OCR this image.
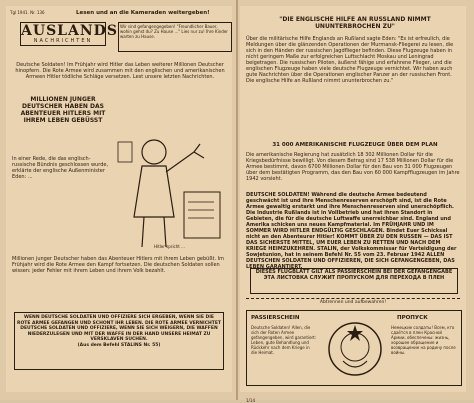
Tgl 1941. Nr. 136	Lesen und an die Kameraden weitergeben!

AUSLANDS
NACHRICHTEN
Wir sind gefangengegeben! "Freundlicher Bauer, wohin gehst du? Zu Hause ..." Lies nur zu! Ihre Kinder warten zu Hause.

Deutsche Soldaten! Im Frühjahr wird Hitler das Leben weiterer Millionen Deutscher hinopfern. Die Rote Armee wird zusammen mit den englischen und amerikanischen Armeen Hitler tödliche Schläge versetzen. Lest unsere letzten Nachrichten.

MILLIONEN JUNGER DEUTSCHER HABEN DAS ABENTEUER HITLERS MIT IHREM LEBEN GEBÜSST

In einer Rede, die das englisch-russische Bündnis geschlossen wurde, erklärte der englische Außenminister Eden: ...

Hitler spricht ...

Millionen junger Deutscher haben das Abenteuer Hitlers mit ihrem Leben gebüßt. Im Frühjahr wird die Rote Armee den Kampf fortsetzen. Die deutschen Soldaten sollen wissen: jeder Fehler mit ihrem Leben und ihrem Volk bezahlt.

WENN DEUTSCHE SOLDATEN UND OFFIZIERE SICH ERGEBEN, WENN SIE DIE ROTE ARMEE GEFANGEN UND SCHONT IHR LEBEN. DIE ROTE ARMEE VERNICHTET DEUTSCHE SOLDATEN UND OFFIZIERE, WENN SIE SICH WEIGERN, DIE WAFFEN NIEDERZULEGEN UND MIT DER WAFFE IN DER HAND UNSERE HEIMAT ZU VERSKLAVEN SUCHEN.
(Aus dem Befehl STALINS Nr. 55)

"DIE ENGLISCHE HILFE AN RUSSLAND NIMMT UNUNTERBROCHEN ZU"

Über die militärische Hilfe Englands an Rußland sagte Eden: "Es ist erfreulich, die Meldungen über die glänzenden Operationen der Murmansk-Fliegerei zu lesen, die sich in den Händen der russischen Jagdflieger befinden. Diese Flugzeuge haben in nicht geringem Maße zur erfolgreichen Luftschlacht Moskau und Leningrad beigetragen. Die russischen Piloten, äußerst fähige und erfahrene Flieger, und die englischen Flugzeuge haben viele deutsche Flugzeuge vernichtet. Wir haben auch gute Nachrichten über die Operationen englischer Panzer an der russischen Front. Die englische Hilfe an Rußland nimmt ununterbrochen zu."

31 000 AMERIKANISCHE FLUGZEUGE ÜBER DEM PLAN

Die amerikanische Regierung hat zusätzlich 18 302 Millionen Dollar für die Kriegsbedürfnisse bewilligt. Von diesem Betrag sind 17 538 Millionen Dollar für die Armee bestimmt, davon 6700 Millionen Dollar für den Bau von 31 000 Flugzeugen über dem bestätigten Programm, das den Bau von 60 000 Kampfflugzeugen im Jahre 1942 vorsieht.

DEUTSCHE SOLDATEN! Während die deutsche Armee bedeutend geschwächt ist und ihre Menschenreserven erschöpft sind, ist die Rote Armee gewaltig erstarkt und ihre Menschenreserven sind unerschöpflich. Die Industrie Rußlands ist in Vollbetrieb und hat ihren Standort in Gebieten, die für die deutsche Luftwaffe unerreichbar sind. England und Amerika schicken uns neues Kampfmaterial. Im FRÜHJAHR UND IM SOMMER WIRD HITLER ENDGÜLTIG GESCHLAGEN. Bindet Euer Schicksal nicht an den Abenteurer Hitler! KOMMT ÜBER ZU DEN RUSSEN — DAS IST DAS SICHERSTE MITTEL, UM EUER LEBEN ZU RETTEN UND NACH DEM KRIEGE HEIMZUKEHREN. STALIN, der Volkskommissar für Verteidigung der Sowjetunion, hat in seinem Befehl Nr. 55 vom 23. Februar 1942 ALLEN DEUTSCHEN SOLDATEN UND OFFIZIEREN, DIE SICH GEFANGENGEBEN, DAS LEBEN GARANTIERT.

DIESES FLUGBLATT GILT ALS PASSIERSCHEIN BEI DER GEFANGENGABE
ЭТА ЛИСТОВКА СЛУЖИТ ПРОПУСКОМ ДЛЯ ПЕРЕХОДА В ПЛЕН

Abtrennen und aufbewahren!
PASSIERSCHEIN
Deutsche Soldaten! Allen, die sich der Roten Armee gefangengeben, wird garantiert: Leben, gute Behandlung und Rückkehr nach dem Kriege in die Heimat.
ПРОПУСК
Немецкие солдаты! Всем, кто сдаётся в плен Красной Армии, обеспечены: жизнь, хорошее обращение и возвращение на родину после войны.
1/14
